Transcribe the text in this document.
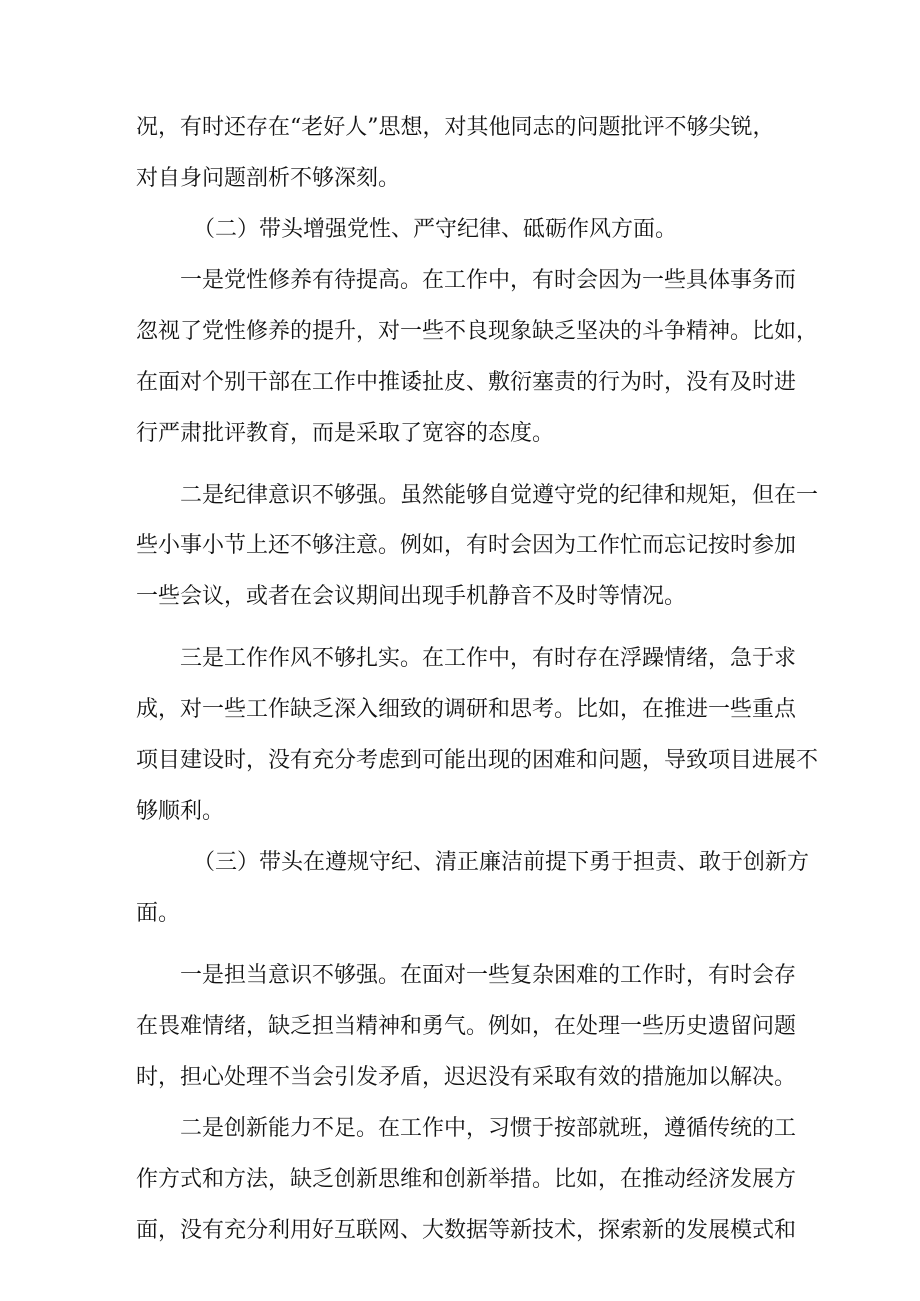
况，有时还存在“老好人”思想，对其他同志的问题批评不够尖锐，
对自身问题剖析不够深刻。
（二）带头增强党性、严守纪律、砥砺作风方面。
一是党性修养有待提高。在工作中，有时会因为一些具体事务而
忽视了党性修养的提升，对一些不良现象缺乏坚决的斗争精神。比如，
在面对个别干部在工作中推诿扯皮、敷衍塞责的行为时，没有及时进
行严肃批评教育，而是采取了宽容的态度。
二是纪律意识不够强。虽然能够自觉遵守党的纪律和规矩，但在一
些小事小节上还不够注意。例如，有时会因为工作忙而忘记按时参加
一些会议，或者在会议期间出现手机静音不及时等情况。
三是工作作风不够扎实。在工作中，有时存在浮躁情绪，急于求
成，对一些工作缺乏深入细致的调研和思考。比如，在推进一些重点
项目建设时，没有充分考虑到可能出现的困难和问题，导致项目进展不
够顺利。
（三）带头在遵规守纪、清正廉洁前提下勇于担责、敢于创新方
面。
一是担当意识不够强。在面对一些复杂困难的工作时，有时会存
在畏难情绪，缺乏担当精神和勇气。例如，在处理一些历史遗留问题
时，担心处理不当会引发矛盾，迟迟没有采取有效的措施加以解决。
二是创新能力不足。在工作中，习惯于按部就班，遵循传统的工
作方式和方法，缺乏创新思维和创新举措。比如，在推动经济发展方
面，没有充分利用好互联网、大数据等新技术，探索新的发展模式和
